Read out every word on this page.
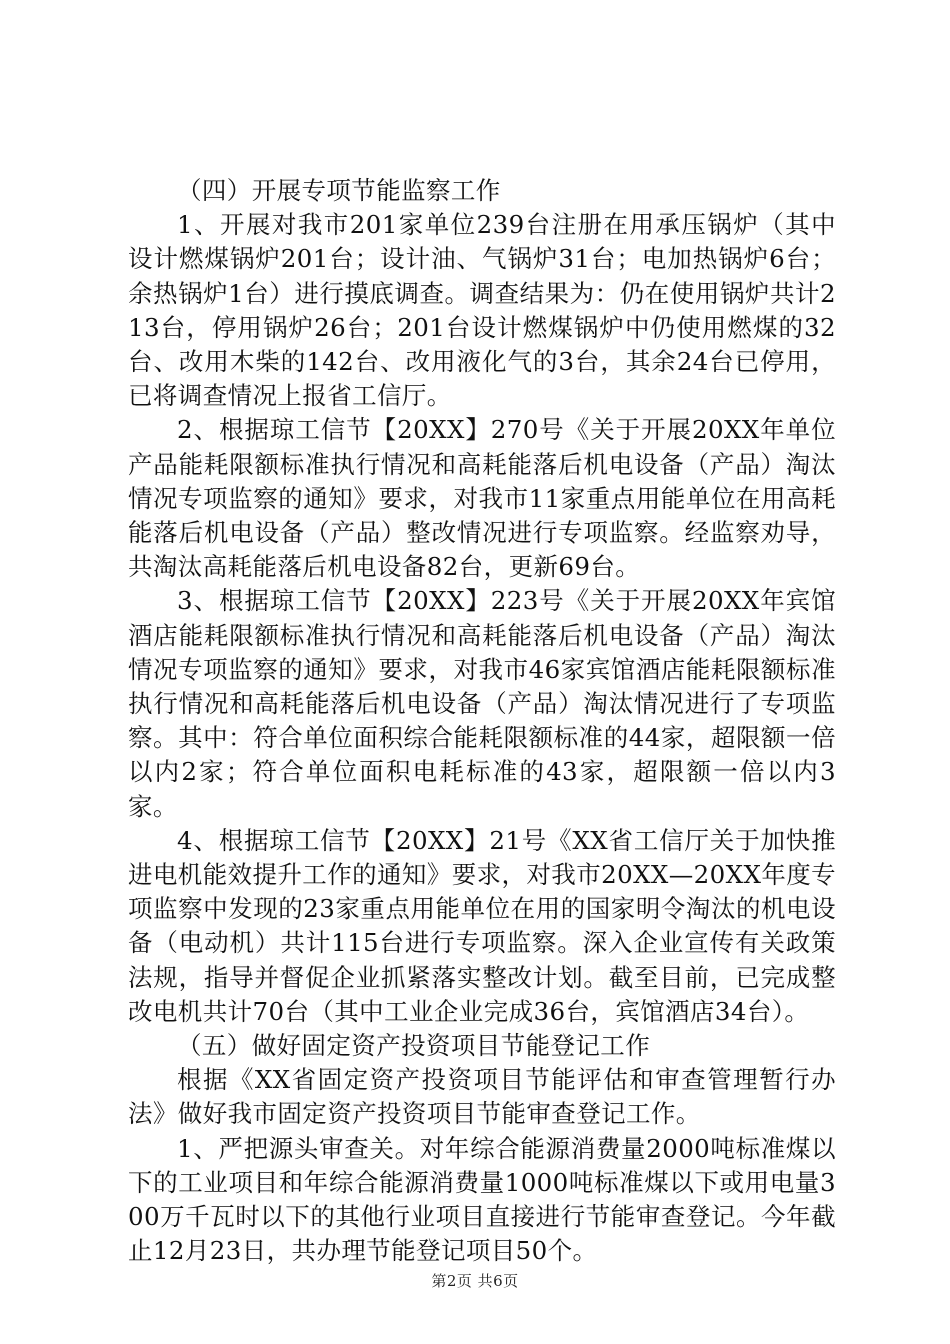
（四）开展专项节能监察工作

1、开展对我市201家单位239台注册在用承压锅炉（其中设计燃煤锅炉201台；设计油、气锅炉31台；电加热锅炉6台；余热锅炉1台）进行摸底调查。调查结果为：仍在使用锅炉共计213台，停用锅炉26台；201台设计燃煤锅炉中仍使用燃煤的32台、改用木柴的142台、改用液化气的3台，其余24台已停用，已将调查情况上报省工信厅。

2、根据琼工信节【20XX】270号《关于开展20XX年单位产品能耗限额标准执行情况和高耗能落后机电设备（产品）淘汰情况专项监察的通知》要求，对我市11家重点用能单位在用高耗能落后机电设备（产品）整改情况进行专项监察。经监察劝导，共淘汰高耗能落后机电设备82台，更新69台。

3、根据琼工信节【20XX】223号《关于开展20XX年宾馆酒店能耗限额标准执行情况和高耗能落后机电设备（产品）淘汰情况专项监察的通知》要求，对我市46家宾馆酒店能耗限额标准执行情况和高耗能落后机电设备（产品）淘汰情况进行了专项监察。其中：符合单位面积综合能耗限额标准的44家，超限额一倍以内2家；符合单位面积电耗标准的43家，超限额一倍以内3家。

4、根据琼工信节【20XX】21号《XX省工信厅关于加快推进电机能效提升工作的通知》要求，对我市20XX—20XX年度专项监察中发现的23家重点用能单位在用的国家明令淘汰的机电设备（电动机）共计115台进行专项监察。深入企业宣传有关政策法规，指导并督促企业抓紧落实整改计划。截至目前，已完成整改电机共计70台（其中工业企业完成36台，宾馆酒店34台）。

（五）做好固定资产投资项目节能登记工作

根据《XX省固定资产投资项目节能评估和审查管理暂行办法》做好我市固定资产投资项目节能审查登记工作。

1、严把源头审查关。对年综合能源消费量2000吨标准煤以下的工业项目和年综合能源消费量1000吨标准煤以下或用电量300万千瓦时以下的其他行业项目直接进行节能审查登记。今年截止12月23日，共办理节能登记项目50个。

第2页 共6页
